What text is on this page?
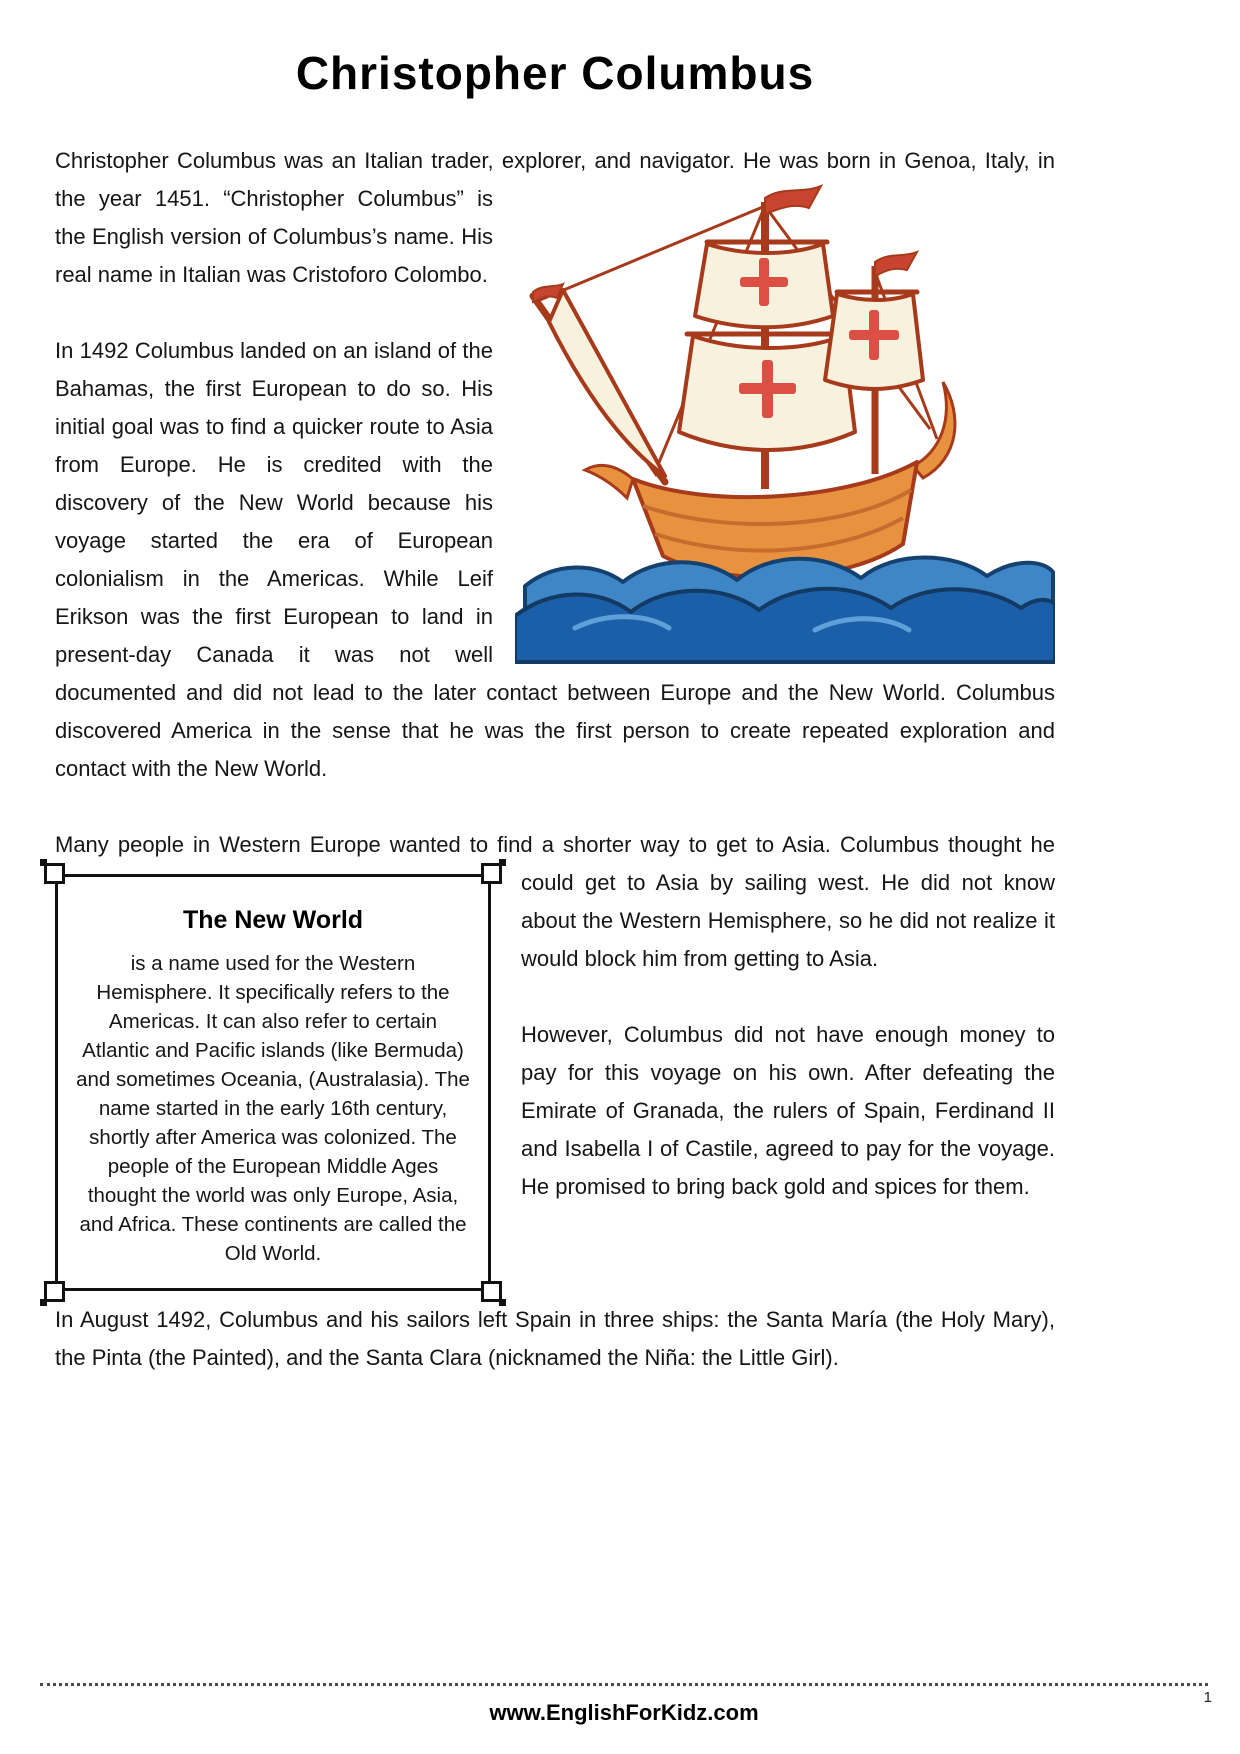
Christopher Columbus

Christopher Columbus was an Italian trader, explorer, and navigator. He was born in Genoa, Italy, in the year 1451. “Christopher Columbus” is the English version of Columbus’s name. His real name in Italian was Cristoforo Colombo.

In 1492 Columbus landed on an island of the Bahamas, the first European to do so. His initial goal was to find a quicker route to Asia from Europe. He is credited with the discovery of the New World because his voyage started the era of European colonialism in the Americas. While Leif Erikson was the first European to land in present-day Canada it was not well documented and did not lead to the later contact between Europe and the New World. Columbus discovered America in the sense that he was the first person to create repeated exploration and contact with the New World.

Many people in Western Europe wanted to find a shorter way to get to Asia.
The New World
is a name used for the Western Hemisphere. It specifically refers to the Americas. It can also refer to certain Atlantic and Pacific islands (like Bermuda) and sometimes Oceania, (Australasia). The name started in the early 16th century, shortly after America was colonized. The people of the European Middle Ages thought the world was only Europe, Asia, and Africa. These continents are called the Old World.
Columbus thought he could get to Asia by sailing west. He did not know about the Western Hemisphere, so he did not realize it would block him from getting to Asia.

However, Columbus did not have enough money to pay for this voyage on his own. After defeating the Emirate of Granada, the rulers of Spain, Ferdinand II and Isabella I of Castile, agreed to pay for the voyage. He promised to bring back gold and spices for them.

In August 1492, Columbus and his sailors left Spain in three ships: the Santa María (the Holy Mary), the Pinta (the Painted), and the Santa Clara (nicknamed the Niña: the Little Girl).

1
www.EnglishForKidz.com
